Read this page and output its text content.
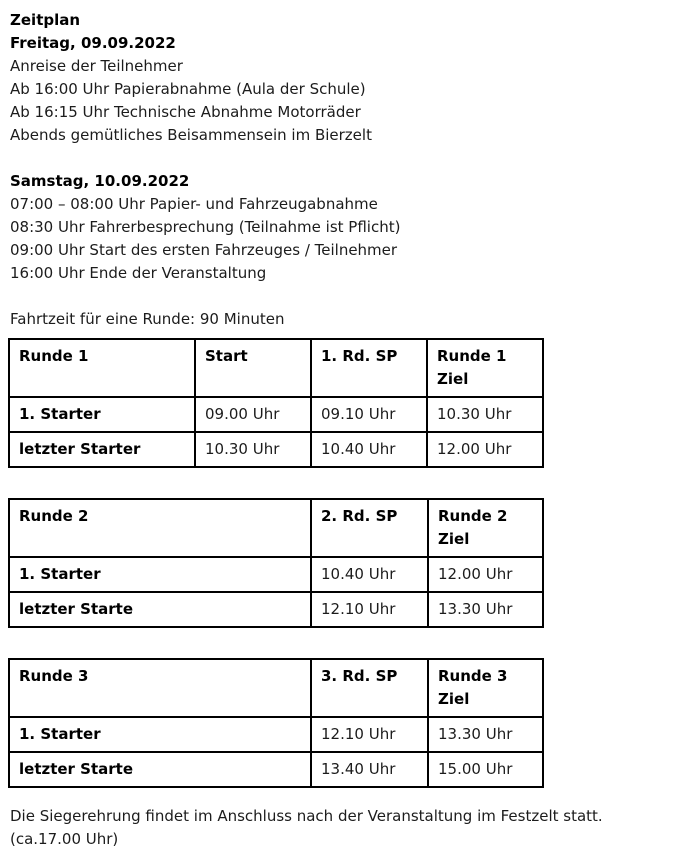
Zeitplan
Freitag, 09.09.2022
Anreise der Teilnehmer
Ab 16:00 Uhr Papierabnahme (Aula der Schule)
Ab 16:15 Uhr Technische Abnahme Motorräder
Abends gemütliches Beisammensein im Bierzelt
Samstag, 10.09.2022
07:00 – 08:00 Uhr Papier- und Fahrzeugabnahme
08:30 Uhr Fahrerbesprechung (Teilnahme ist Pflicht)
09:00 Uhr Start des ersten Fahrzeuges / Teilnehmer
16:00 Uhr Ende der Veranstaltung
Fahrtzeit für eine Runde: 90 Minuten
Runde 1	Start	1. Rd. SP	Runde 1 Ziel
1. Starter	09.00 Uhr	09.10 Uhr	10.30 Uhr
letzter Starter	10.30 Uhr	10.40 Uhr	12.00 Uhr
Runde 2	2. Rd. SP	Runde 2 Ziel
1. Starter	10.40 Uhr	12.00 Uhr
letzter Starte	12.10 Uhr	13.30 Uhr
Runde 3	3. Rd. SP	Runde 3 Ziel
1. Starter	12.10 Uhr	13.30 Uhr
letzter Starte	13.40 Uhr	15.00 Uhr
Die Siegerehrung findet im Anschluss nach der Veranstaltung im Festzelt statt.
(ca.17.00 Uhr)
